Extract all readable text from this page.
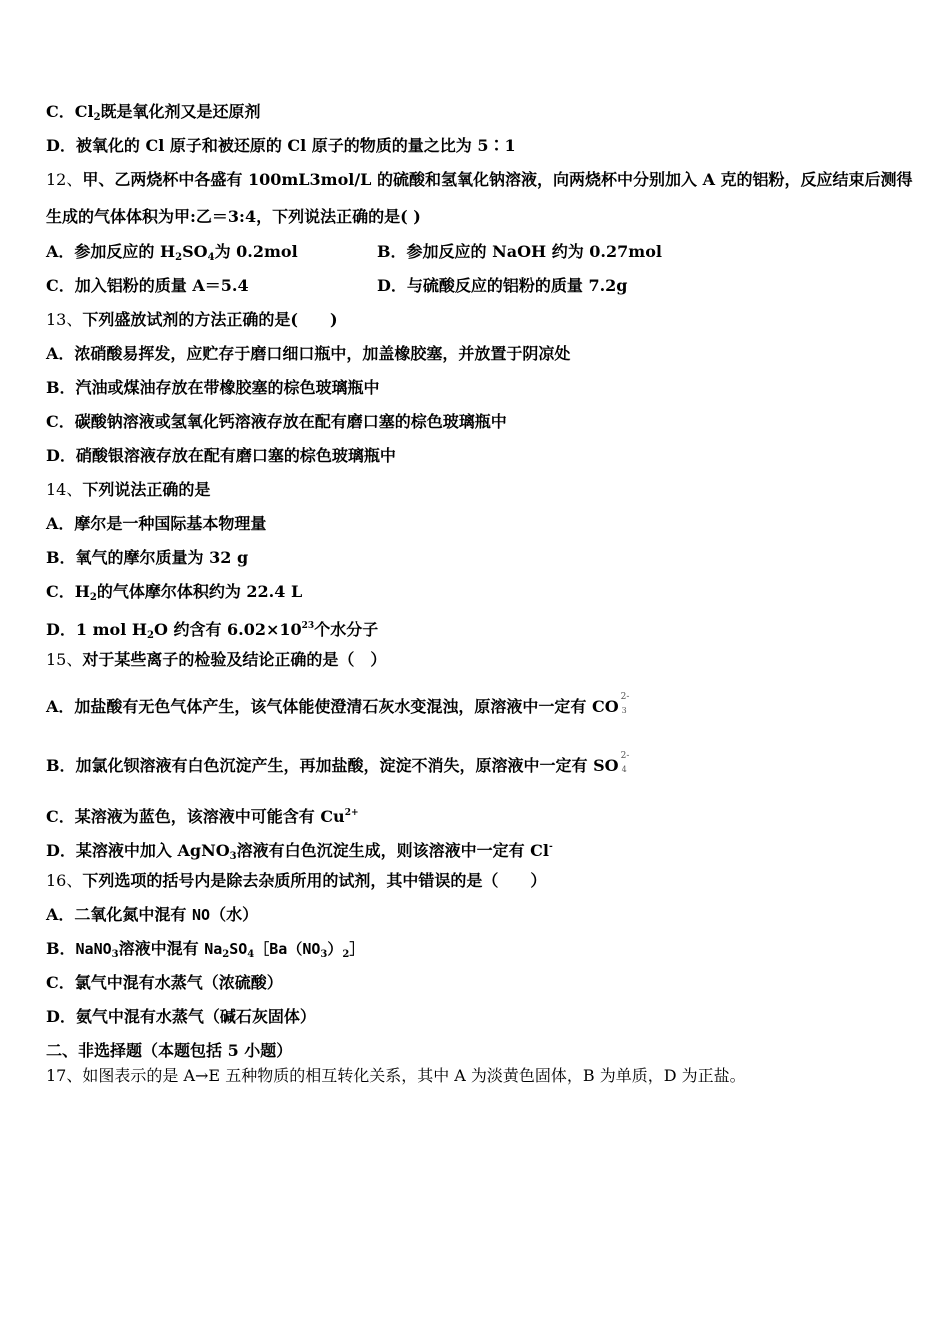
C．$Cl_2$既是氧化剂又是还原剂
D．被氧化的 Cl 原子和被还原的 Cl 原子的物质的量之比为 5∶1
12、甲、乙两烧杯中各盛有 100mL3mol/L 的硫酸和氢氧化钠溶液，向两烧杯中分别加入 A 克的铝粉，反应结束后测得
生成的气体体积为甲:乙＝3:4，下列说法正确的是( )
A．参加反应的 $H_2SO_4$为 0.2mol	B．参加反应的 NaOH 约为 0.27mol
C．加入铝粉的质量 A＝5.4	D．与硫酸反应的铝粉的质量 7.2g
13、下列盛放试剂的方法正确的是(　　)
A．浓硝酸易挥发，应贮存于磨口细口瓶中，加盖橡胶塞，并放置于阴凉处
B．汽油或煤油存放在带橡胶塞的棕色玻璃瓶中
C．碳酸钠溶液或氢氧化钙溶液存放在配有磨口塞的棕色玻璃瓶中
D．硝酸银溶液存放在配有磨口塞的棕色玻璃瓶中
14、下列说法正确的是
A．摩尔是一种国际基本物理量
B．氧气的摩尔质量为 32 g
C．$H_2$的气体摩尔体积约为 22.4 L
D．1 mol $H_2O$ 约含有 $6.02\times 10^{23}$个水分子
15、对于某些离子的检验及结论正确的是（　）
A．加盐酸有无色气体产生，该气体能使澄清石灰水变混浊，原溶液中一定有 CO 2-
3
B．加氯化钡溶液有白色沉淀产生，再加盐酸，淀淀不消失，原溶液中一定有 SO 2-
4
C．某溶液为蓝色，该溶液中可能含有 $Cu^{2+}$
D．某溶液中加入 AgNO$_3$溶液有白色沉淀生成，则该溶液中一定有 Cl-
16、下列选项的括号内是除去杂质所用的试剂，其中错误的是（　　）
A．二氧化氮中混有 NO（水）
B．NaNO$_3$溶液中混有 $Na_2SO_4[Ba(NO_3)_2]$
C．氯气中混有水蒸气（浓硫酸）
D．氨气中混有水蒸气（碱石灰固体）
二、非选择题（本题包括 5 小题）
17、如图表示的是 A→E 五种物质的相互转化关系，其中 A 为淡黄色固体，B 为单质，D 为正盐。
